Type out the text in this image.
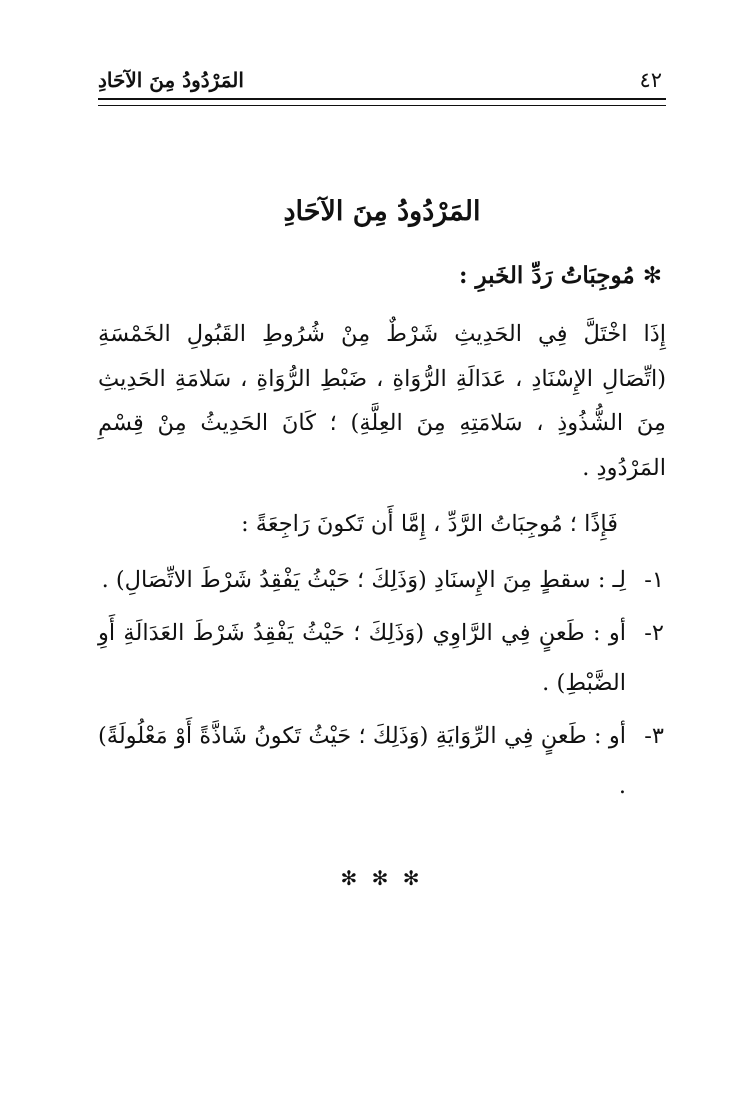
٤٢
المَرْدُودُ مِنَ الآحَادِ
المَرْدُودُ مِنَ الآحَادِ
✻مُوجِبَاتُ رَدِّ الخَبرِ :
إِذَا اخْتَلَّ فِي الحَدِيثِ شَرْطٌ مِنْ شُرُوطِ القَبُولِ الخَمْسَةِ (اتِّصَالِ الإِسْنَادِ ، عَدَالَةِ الرُّوَاةِ ، ضَبْطِ الرُّوَاةِ ، سَلامَةِ الحَدِيثِ مِنَ الشُّذُوذِ ، سَلامَتِهِ مِنَ العِلَّةِ) ؛ كَانَ الحَدِيثُ مِنْ قِسْمِ المَرْدُودِ .
فَإِذًا ؛ مُوجِبَاتُ الرَّدِّ ، إِمَّا أَن تَكونَ رَاجِعَةً :
١-
لِـ : سقطٍ مِنَ الإِسنَادِ (وَذَلِكَ ؛ حَيْثُ يَفْقِدُ شَرْطَ الاتِّصَالِ) .
٢-
أو : طَعنٍ فِي الرَّاوِي (وَذَلِكَ ؛ حَيْثُ يَفْقِدُ شَرْطَ العَدَالَةِ أَوِ الضَّبْطِ) .
٣-
أو : طَعنٍ فِي الرِّوَايَةِ (وَذَلِكَ ؛ حَيْثُ تَكونُ شَاذَّةً أَوْ مَعْلُولَةً) .
✻ ✻ ✻
